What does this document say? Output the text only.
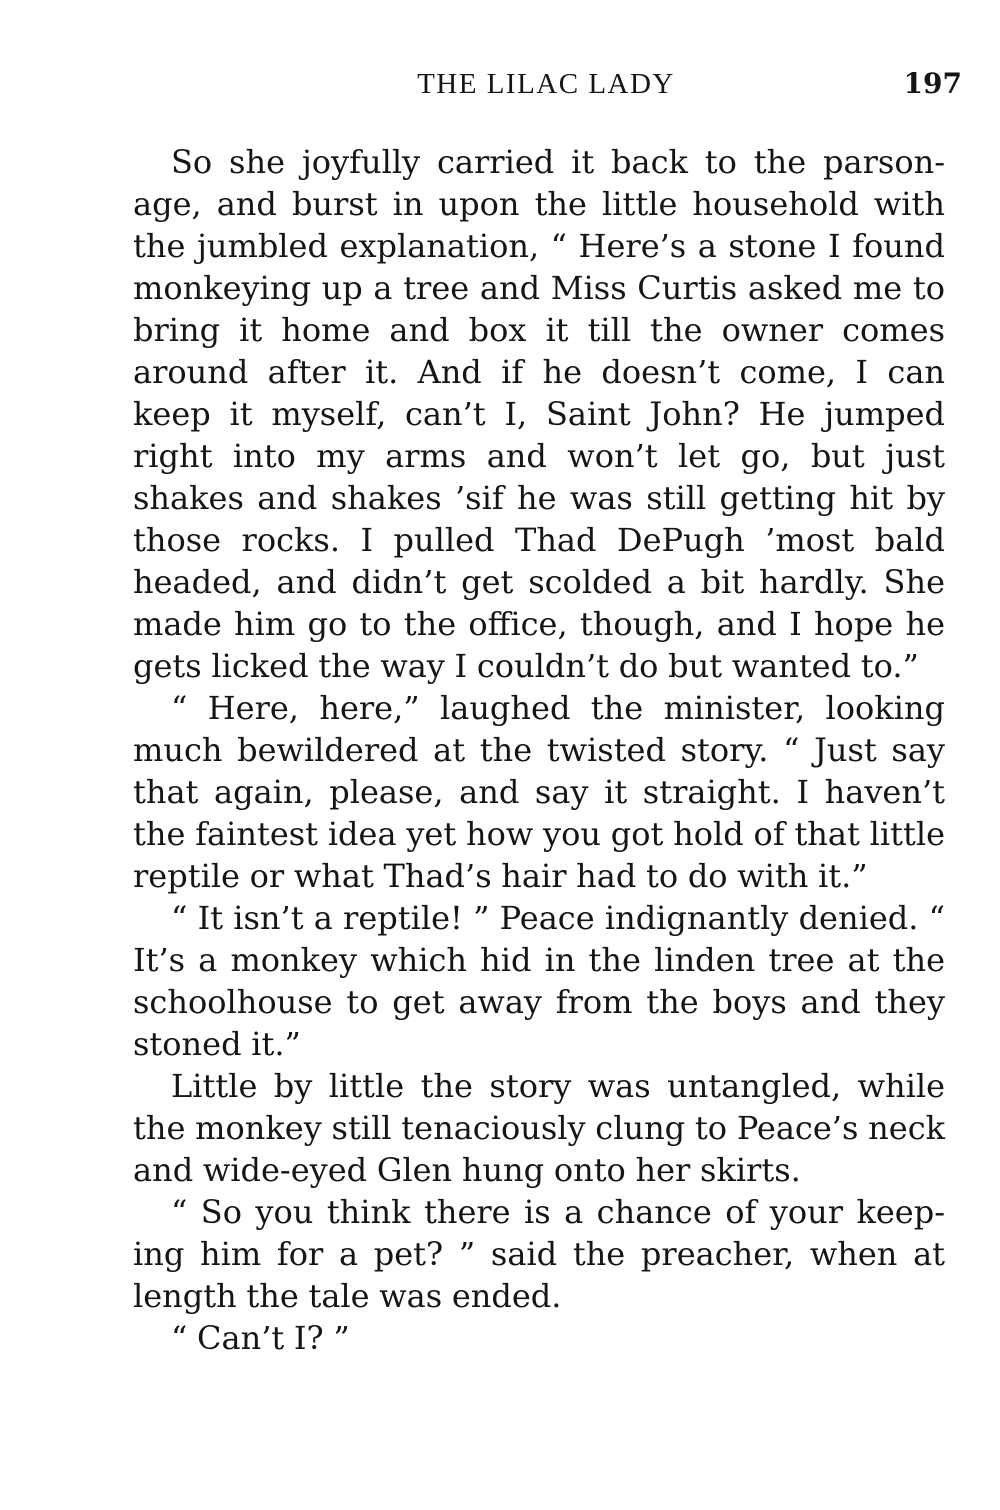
THE LILAC LADY	197

So she joyfully carried it back to the parsonage, and burst in upon the little household with the jumbled explanation, “ Here’s a stone I found monkeying up a tree and Miss Curtis asked me to bring it home and box it till the owner comes around after it. And if he doesn’t come, I can keep it myself, can’t I, Saint John? He jumped right into my arms and won’t let go, but just shakes and shakes ’sif he was still getting hit by those rocks. I pulled Thad DePugh ’most bald headed, and didn’t get scolded a bit hardly. She made him go to the office, though, and I hope he gets licked the way I couldn’t do but wanted to.”

“ Here, here,” laughed the minister, looking much bewildered at the twisted story. “ Just say that again, please, and say it straight. I haven’t the faintest idea yet how you got hold of that little reptile or what Thad’s hair had to do with it.”

“ It isn’t a reptile! ” Peace indignantly denied. “ It’s a monkey which hid in the linden tree at the schoolhouse to get away from the boys and they stoned it.”

Little by little the story was untangled, while the monkey still tenaciously clung to Peace’s neck and wide-eyed Glen hung onto her skirts.

“ So you think there is a chance of your keeping him for a pet? ” said the preacher, when at length the tale was ended.

“ Can’t I? ”
